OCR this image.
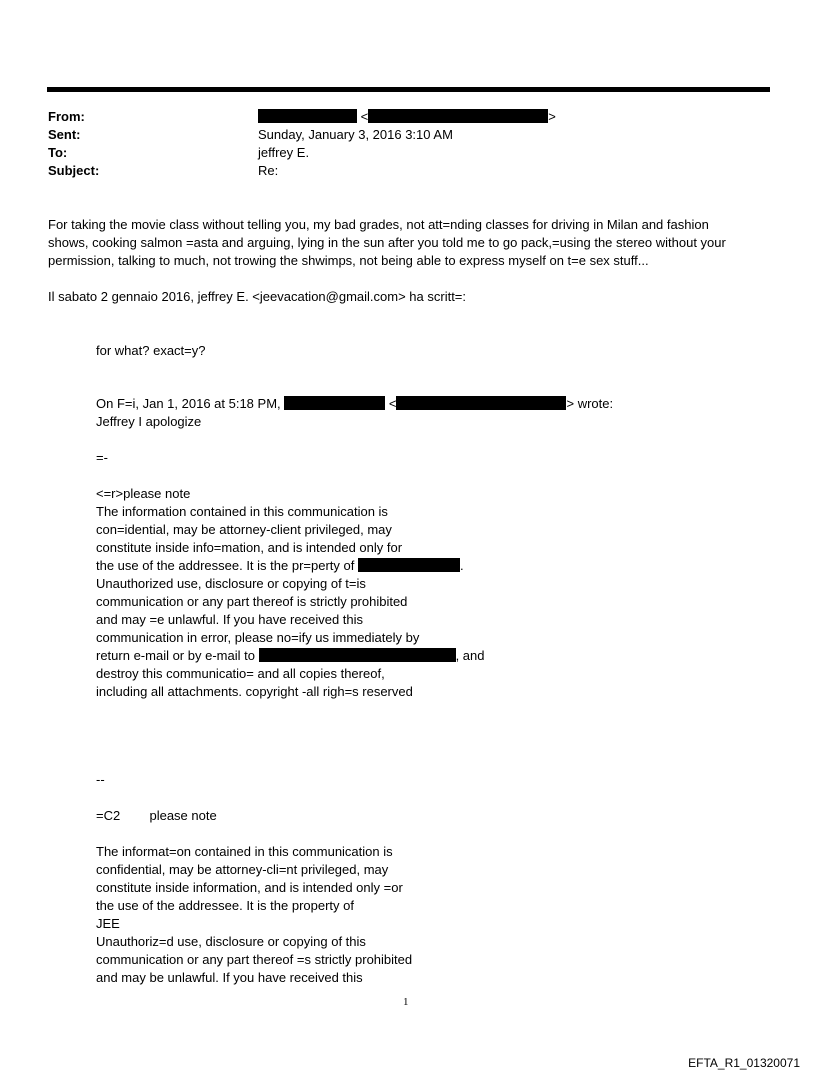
From:	<	>
Sent:	Sunday, January 3, 2016 3:10 AM
To:	jeffrey E.
Subject:	Re:
For taking the movie class without telling you, my bad grades, not att=nding classes for driving in Milan and fashion
shows, cooking salmon =asta and arguing, lying in the sun after you told me to go pack,=using the stereo without your
permission, talking to much, not trowing the shwimps, not being able to express myself on t=e sex stuff...
Il sabato 2 gennaio 2016, jeffrey E. <jeevacation@gmail.com> ha scritt=:
for what? exact=y?
On F=i, Jan 1, 2016 at 5:18 PM,	<	> wrote:
Jeffrey I apologize
=-
<=r>please note
The information contained in this communication is
con=idential, may be attorney-client privileged, may
constitute inside info=mation, and is intended only for
the use of the addressee. It is the pr=perty of	.
Unauthorized use, disclosure or copying of t=is
communication or any part thereof is strictly prohibited
and may =e unlawful. If you have received this
communication in error, please no=ify us immediately by
return e-mail or by e-mail to	, and
destroy this communicatio= and all copies thereof,
including all attachments. copyright -all righ=s reserved
--
=C2 please note
The informat=on contained in this communication is
confidential, may be attorney-cli=nt privileged, may
constitute inside information, and is intended only =or
the use of the addressee. It is the property of
JEE
Unauthoriz=d use, disclosure or copying of this
communication or any part thereof =s strictly prohibited
and may be unlawful. If you have received this
1
EFTA_R1_01320071
